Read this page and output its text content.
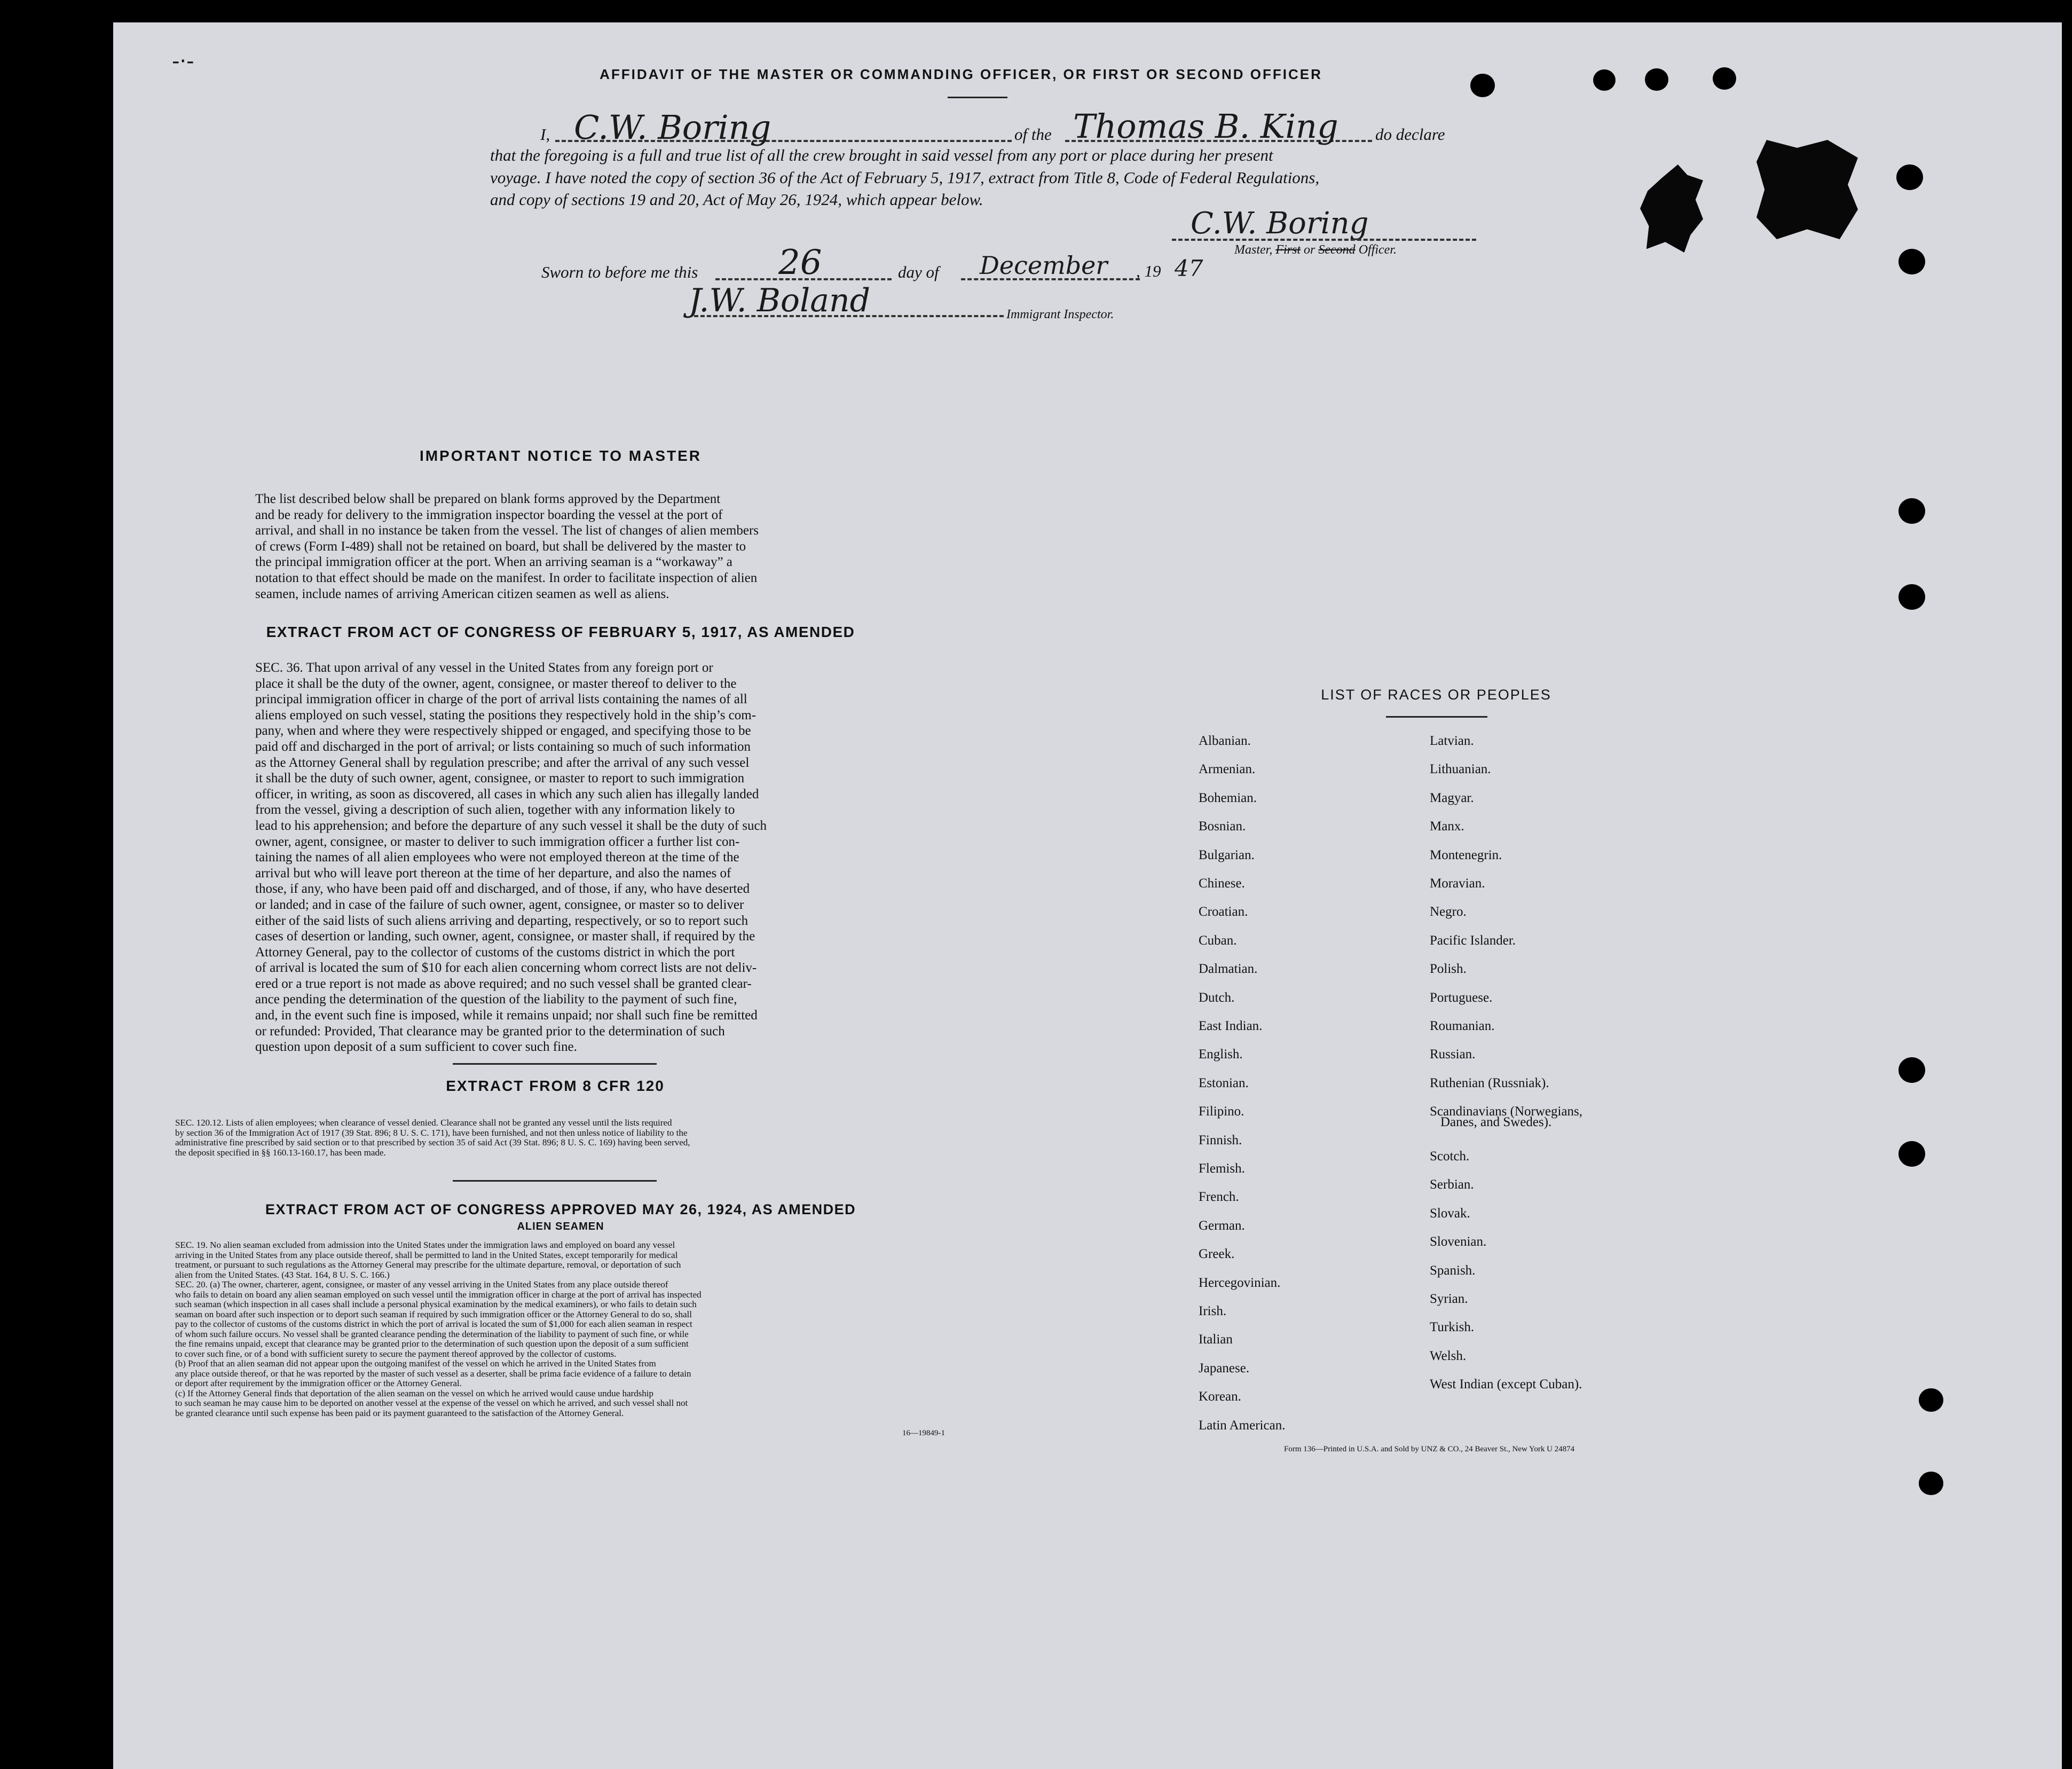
-·-
AFFIDAVIT OF THE MASTER OR COMMANDING OFFICER, OR FIRST OR SECOND OFFICER
I, C.W. Boring	of the Thomas B. King do declare
that the foregoing is a full and true list of all the crew brought in said vessel from any port or place during her present
voyage. I have noted the copy of section 36 of the Act of February 5, 1917, extract from Title 8, Code of Federal Regulations,
and copy of sections 19 and 20, Act of May 26, 1924, which appear below.
C.W. Boring
Master, First or Second Officer.
Sworn to before me this 26	day of December , 19 47
J.W. Boland	Immigrant Inspector.
IMPORTANT NOTICE TO MASTER
The list described below shall be prepared on blank forms approved by the Department
and be ready for delivery to the immigration inspector boarding the vessel at the port of
arrival, and shall in no instance be taken from the vessel. The list of changes of alien members
of crews (Form I-489) shall not be retained on board, but shall be delivered by the master to
the principal immigration officer at the port. When an arriving seaman is a “workaway” a
notation to that effect should be made on the manifest. In order to facilitate inspection of alien
seamen, include names of arriving American citizen seamen as well as aliens.
EXTRACT FROM ACT OF CONGRESS OF FEBRUARY 5, 1917, AS AMENDED
SEC. 36. That upon arrival of any vessel in the United States from any foreign port or
place it shall be the duty of the owner, agent, consignee, or master thereof to deliver to the
principal immigration officer in charge of the port of arrival lists containing the names of all
aliens employed on such vessel, stating the positions they respectively hold in the ship’s com-
pany, when and where they were respectively shipped or engaged, and specifying those to be
paid off and discharged in the port of arrival; or lists containing so much of such information
as the Attorney General shall by regulation prescribe; and after the arrival of any such vessel
it shall be the duty of such owner, agent, consignee, or master to report to such immigration
officer, in writing, as soon as discovered, all cases in which any such alien has illegally landed
from the vessel, giving a description of such alien, together with any information likely to
lead to his apprehension; and before the departure of any such vessel it shall be the duty of such
owner, agent, consignee, or master to deliver to such immigration officer a further list con-
taining the names of all alien employees who were not employed thereon at the time of the
arrival but who will leave port thereon at the time of her departure, and also the names of
those, if any, who have been paid off and discharged, and of those, if any, who have deserted
or landed; and in case of the failure of such owner, agent, consignee, or master so to deliver
either of the said lists of such aliens arriving and departing, respectively, or so to report such
cases of desertion or landing, such owner, agent, consignee, or master shall, if required by the
Attorney General, pay to the collector of customs of the customs district in which the port
of arrival is located the sum of $10 for each alien concerning whom correct lists are not deliv-
ered or a true report is not made as above required; and no such vessel shall be granted clear-
ance pending the determination of the question of the liability to the payment of such fine,
and, in the event such fine is imposed, while it remains unpaid; nor shall such fine be remitted
or refunded: Provided, That clearance may be granted prior to the determination of such
question upon deposit of a sum sufficient to cover such fine.
EXTRACT FROM 8 CFR 120
SEC. 120.12. Lists of alien employees; when clearance of vessel denied. Clearance shall not be granted any vessel until the lists required
by section 36 of the Immigration Act of 1917 (39 Stat. 896; 8 U. S. C. 171), have been furnished, and not then unless notice of liability to the
administrative fine prescribed by said section or to that prescribed by section 35 of said Act (39 Stat. 896; 8 U. S. C. 169) having been served,
the deposit specified in §§ 160.13-160.17, has been made.
EXTRACT FROM ACT OF CONGRESS APPROVED MAY 26, 1924, AS AMENDED
ALIEN SEAMEN
SEC. 19. No alien seaman excluded from admission into the United States under the immigration laws and employed on board any vessel
arriving in the United States from any place outside thereof, shall be permitted to land in the United States, except temporarily for medical
treatment, or pursuant to such regulations as the Attorney General may prescribe for the ultimate departure, removal, or deportation of such
alien from the United States. (43 Stat. 164, 8 U. S. C. 166.)
SEC. 20. (a) The owner, charterer, agent, consignee, or master of any vessel arriving in the United States from any place outside thereof
who fails to detain on board any alien seaman employed on such vessel until the immigration officer in charge at the port of arrival has inspected
such seaman (which inspection in all cases shall include a personal physical examination by the medical examiners), or who fails to detain such
seaman on board after such inspection or to deport such seaman if required by such immigration officer or the Attorney General to do so, shall
pay to the collector of customs of the customs district in which the port of arrival is located the sum of $1,000 for each alien seaman in respect
of whom such failure occurs. No vessel shall be granted clearance pending the determination of the liability to payment of such fine, or while
the fine remains unpaid, except that clearance may be granted prior to the determination of such question upon the deposit of a sum sufficient
to cover such fine, or of a bond with sufficient surety to secure the payment thereof approved by the collector of customs.
(b) Proof that an alien seaman did not appear upon the outgoing manifest of the vessel on which he arrived in the United States from
any place outside thereof, or that he was reported by the master of such vessel as a deserter, shall be prima facie evidence of a failure to detain
or deport after requirement by the immigration officer or the Attorney General.
(c) If the Attorney General finds that deportation of the alien seaman on the vessel on which he arrived would cause undue hardship
to such seaman he may cause him to be deported on another vessel at the expense of the vessel on which he arrived, and such vessel shall not
be granted clearance until such expense has been paid or its payment guaranteed to the satisfaction of the Attorney General.
16—19849-1
LIST OF RACES OR PEOPLES
Albanian.
Armenian.
Bohemian.
Bosnian.
Bulgarian.
Chinese.
Croatian.
Cuban.
Dalmatian.
Dutch.
East Indian.
English.
Estonian.
Filipino.
Finnish.
Flemish.
French.
German.
Greek.
Hercegovinian.
Irish.
Italian
Japanese.
Korean.
Latin American.
Latvian.
Lithuanian.
Magyar.
Manx.
Montenegrin.
Moravian.
Negro.
Pacific Islander.
Polish.
Portuguese.
Roumanian.
Russian.
Ruthenian (Russniak).
Scandinavians (Norwegians,
Danes, and Swedes).
Scotch.
Serbian.
Slovak.
Slovenian.
Spanish.
Syrian.
Turkish.
Welsh.
West Indian (except Cuban).
Form 136—Printed in U.S.A. and Sold by UNZ & CO., 24 Beaver St., New York U 24874
